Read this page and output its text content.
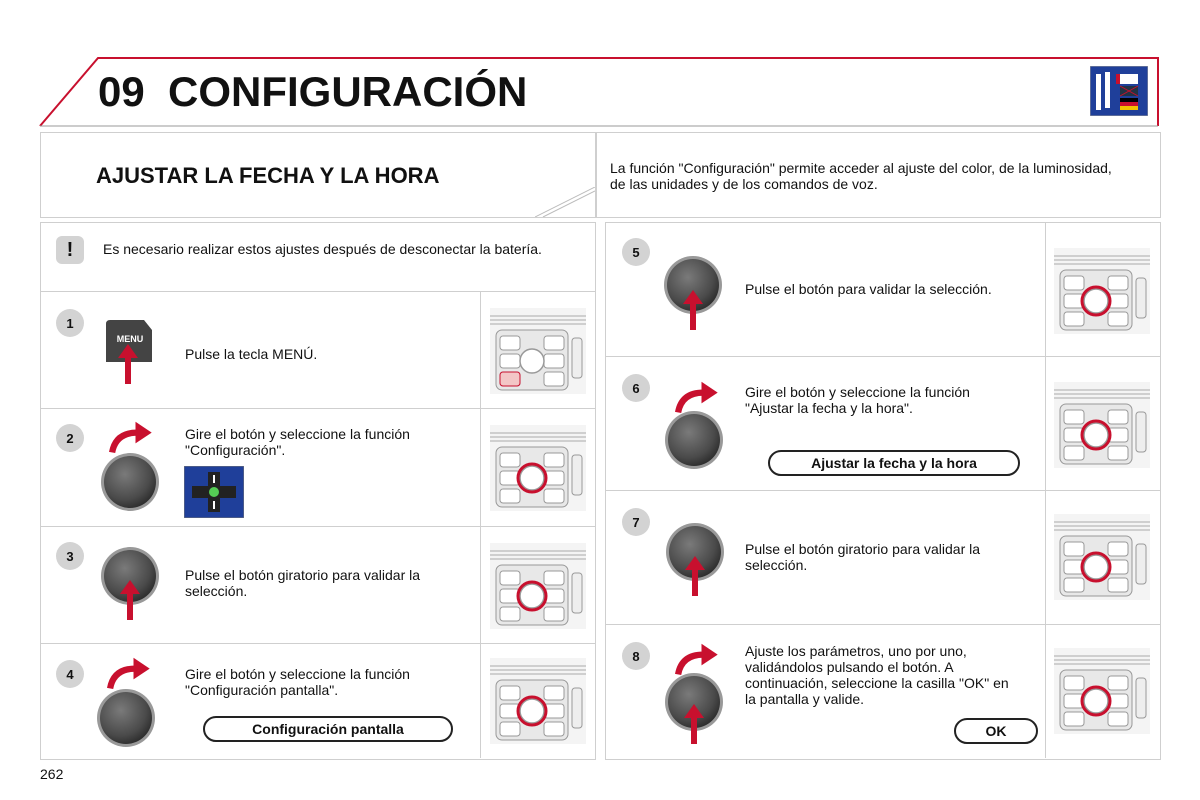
09 CONFIGURACIÓN
AJUSTAR LA FECHA Y LA HORA	La función "Configuración" permite acceder al ajuste del color, de la luminosidad, de las unidades y de los comandos de voz.
!	Es necesario realizar estos ajustes después de desconectar la batería.
1
MENU
Pulse la tecla MENÚ.
2	Gire el botón y seleccione la función "Configuración".
3
Pulse el botón giratorio para validar la selección.
4	Gire el botón y seleccione la función "Configuración pantalla".
Configuración pantalla
5
Pulse el botón para validar la selección.
6	Gire el botón y seleccione la función "Ajustar la fecha y la hora".
Ajustar la fecha y la hora
7
Pulse el botón giratorio para validar la selección.
8	Ajuste los parámetros, uno por uno, validándolos pulsando el botón. A continuación, seleccione la casilla "OK" en la pantalla y valide.
OK
262
